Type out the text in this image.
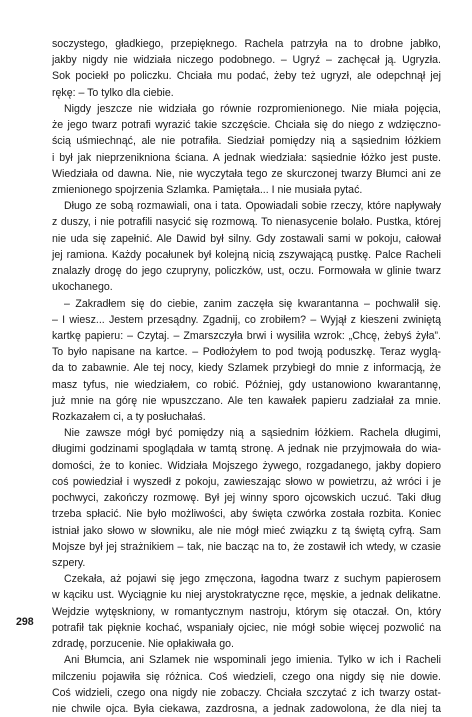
soczystego, gładkiego, przepięknego. Rachela patrzyła na to drobne jabłko,
jakby nigdy nie widziała niczego podobnego. – Ugryź – zachęcał ją. Ugryzła.
Sok pociekł po policzku. Chciała mu podać, żeby też ugryzł, ale odepchnął jej
rękę: – To tylko dla ciebie.
Nigdy jeszcze nie widziała go równie rozpromienionego. Nie miała pojęcia,
że jego twarz potrafi wyrazić takie szczęście. Chciała się do niego z wdzięczno-
ścią uśmiechnąć, ale nie potrafiła. Siedział pomiędzy nią a sąsiednim łóżkiem
i był jak nieprzenikniona ściana. A jednak wiedziała: sąsiednie łóżko jest puste.
Wiedziała od dawna. Nie, nie wyczytała tego ze skurczonej twarzy Błumci ani ze
zmienionego spojrzenia Szlamka. Pamiętała... I nie musiała pytać.
Długo ze sobą rozmawiali, ona i tata. Opowiadali sobie rzeczy, które napływały
z duszy, i nie potrafili nasycić się rozmową. To nienasycenie bolało. Pustka, której
nie uda się zapełnić. Ale Dawid był silny. Gdy zostawali sami w pokoju, całował
jej ramiona. Każdy pocałunek był kolejną nicią zszywającą pustkę. Palce Racheli
znalazły drogę do jego czupryny, policzków, ust, oczu. Formowała w glinie twarz
ukochanego.
– Zakradłem się do ciebie, zanim zaczęła się kwarantanna – pochwalił się.
– I wiesz... Jestem przesądny. Zgadnij, co zrobiłem? – Wyjął z kieszeni zwiniętą
kartkę papieru: – Czytaj. – Zmarszczyła brwi i wysiliła wzrok: „Chcę, żebyś żyła”.
To było napisane na kartce. – Podłożyłem to pod twoją poduszkę. Teraz wyglą-
da to zabawnie. Ale tej nocy, kiedy Szlamek przybiegł do mnie z informacją, że
masz tyfus, nie wiedziałem, co robić. Później, gdy ustanowiono kwarantannę,
już mnie na górę nie wpuszczano. Ale ten kawałek papieru zadziałał za mnie.
Rozkazałem ci, a ty posłuchałaś.
Nie zawsze mógł być pomiędzy nią a sąsiednim łóżkiem. Rachela długimi,
długimi godzinami spoglądała w tamtą stronę. A jednak nie przyjmowała do wia-
domości, że to koniec. Widziała Mojszego żywego, rozgadanego, jakby dopiero
coś powiedział i wyszedł z pokoju, zawieszając słowo w powietrzu, aż wróci i je
pochwyci, zakończy rozmowę. Był jej winny sporo ojcowskich uczuć. Taki dług
trzeba spłacić. Nie było możliwości, aby święta czwórka została rozbita. Koniec
istniał jako słowo w słowniku, ale nie mógł mieć związku z tą świętą cyfrą. Sam
Mojsze był jej strażnikiem – tak, nie bacząc na to, że zostawił ich wtedy, w czasie
szpery.
Czekała, aż pojawi się jego zmęczona, łagodna twarz z suchym papierosem
w kąciku ust. Wyciągnie ku niej arystokratyczne ręce, męskie, a jednak delikatne.
Wejdzie wytęskniony, w romantycznym nastroju, którym się otaczał. On, który
potrafił tak pięknie kochać, wspaniały ojciec, nie mógł sobie więcej pozwolić na
zdradę, porzucenie. Nie opłakiwała go.
Ani Błumcia, ani Szlamek nie wspominali jego imienia. Tylko w ich i Racheli
milczeniu pojawiła się różnica. Coś wiedzieli, czego ona nigdy się nie dowie.
Coś widzieli, czego ona nigdy nie zobaczy. Chciała szczytać z ich twarzy ostat-
nie chwile ojca. Była ciekawa, zazdrosna, a jednak zadowolona, że dla niej ta
298
